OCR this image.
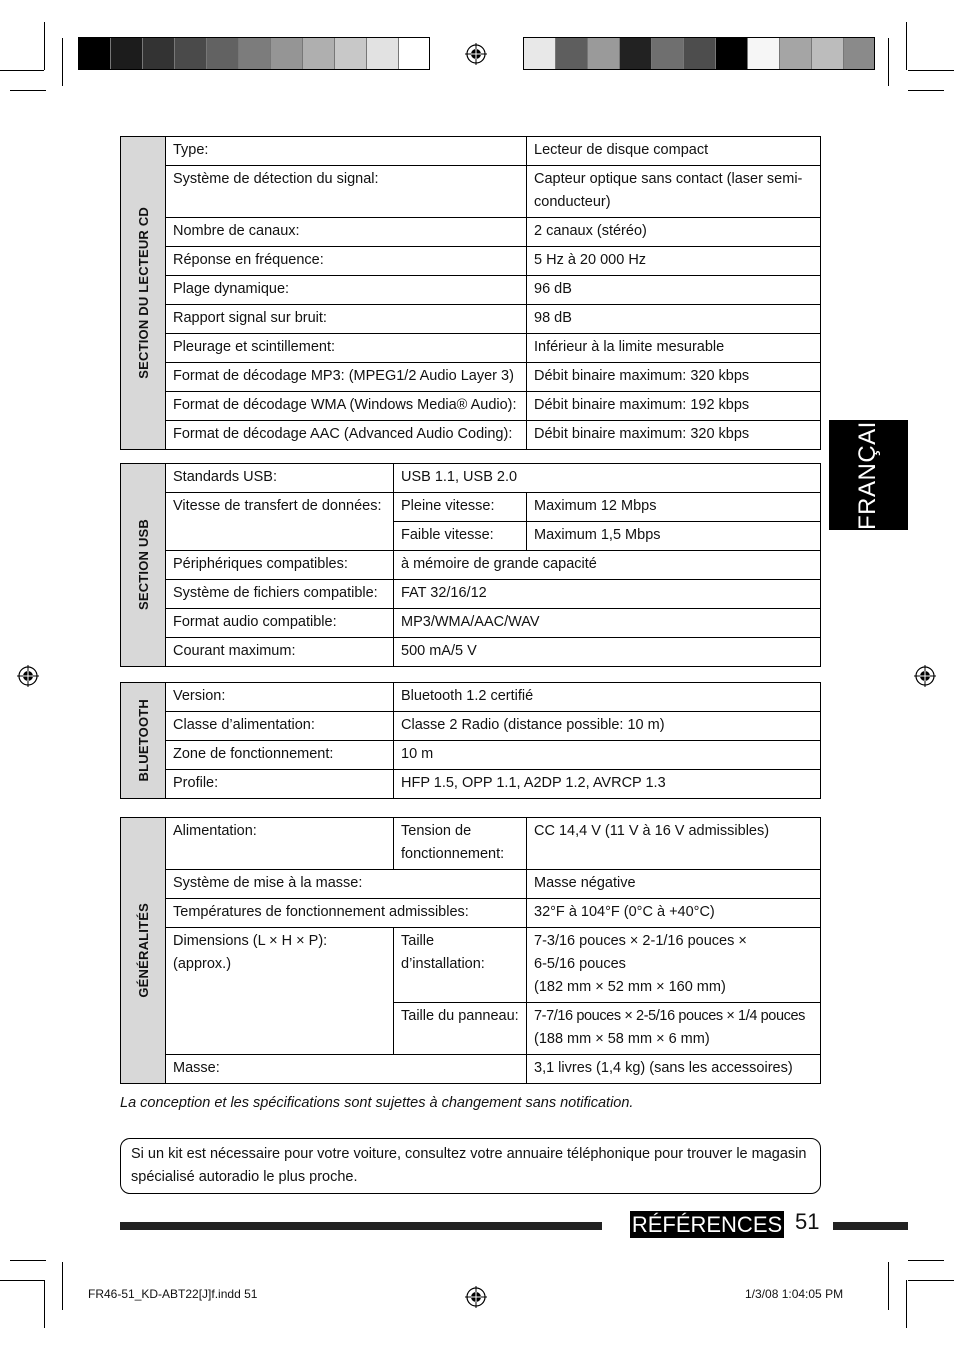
FRANÇAIS
SECTION DU LECTEUR CD	Type:	Lecteur de disque compact
	Système de détection du signal:	Capteur optique sans contact (laser semi-conducteur)
	Nombre de canaux:	2 canaux (stéréo)
	Réponse en fréquence:	5 Hz à 20 000 Hz
	Plage dynamique:	96 dB
	Rapport signal sur bruit:	98 dB
	Pleurage et scintillement:	Inférieur à la limite mesurable
	Format de décodage MP3: (MPEG1/2 Audio Layer 3)	Débit binaire maximum: 320 kbps
	Format de décodage WMA (Windows Media® Audio):	Débit binaire maximum: 192 kbps
	Format de décodage AAC (Advanced Audio Coding):	Débit binaire maximum: 320 kbps
SECTION USB	Standards USB:	USB 1.1, USB 2.0	
	Vitesse de transfert de données:	Pleine vitesse:	Maximum 12 Mbps
		Faible vitesse:	Maximum 1,5 Mbps
	Périphériques compatibles:	à mémoire de grande capacité	
	Système de fichiers compatible:	FAT 32/16/12	
	Format audio compatible:	MP3/WMA/AAC/WAV	
	Courant maximum:	500 mA/5 V	
BLUETOOTH	Version:	Bluetooth 1.2 certifié
	Classe d’alimentation:	Classe 2 Radio (distance possible: 10 m)
	Zone de fonctionnement:	10 m
	Profile:	HFP 1.5, OPP 1.1, A2DP 1.2, AVRCP 1.3
GÉNÉRALITÉS	Alimentation:	Tension de fonctionnement:	CC 14,4 V (11 V à 16 V admissibles)
	Système de mise à la masse:		Masse négative
	Températures de fonctionnement admissibles:		32°F à 104°F (0°C à +40°C)
	Dimensions (L × H × P): (approx.)	Taille d’installation:	7-3/16 pouces × 2-1/16 pouces ×
6-5/16 pouces
(182 mm × 52 mm × 160 mm)

		Taille du panneau:	7-7/16 pouces × 2-5/16 pouces × 1/4 pouces
(188 mm × 58 mm × 6 mm)

	Masse:		3,1 livres (1,4 kg) (sans les accessoires)
La conception et les spécifications sont sujettes à changement sans notification.
Si un kit est nécessaire pour votre voiture, consultez votre annuaire téléphonique pour trouver le magasin spécialisé autoradio le plus proche.
RÉFÉRENCES 51
FR46-51_KD-ABT22[J]f.indd 51	1/3/08 1:04:05 PM
